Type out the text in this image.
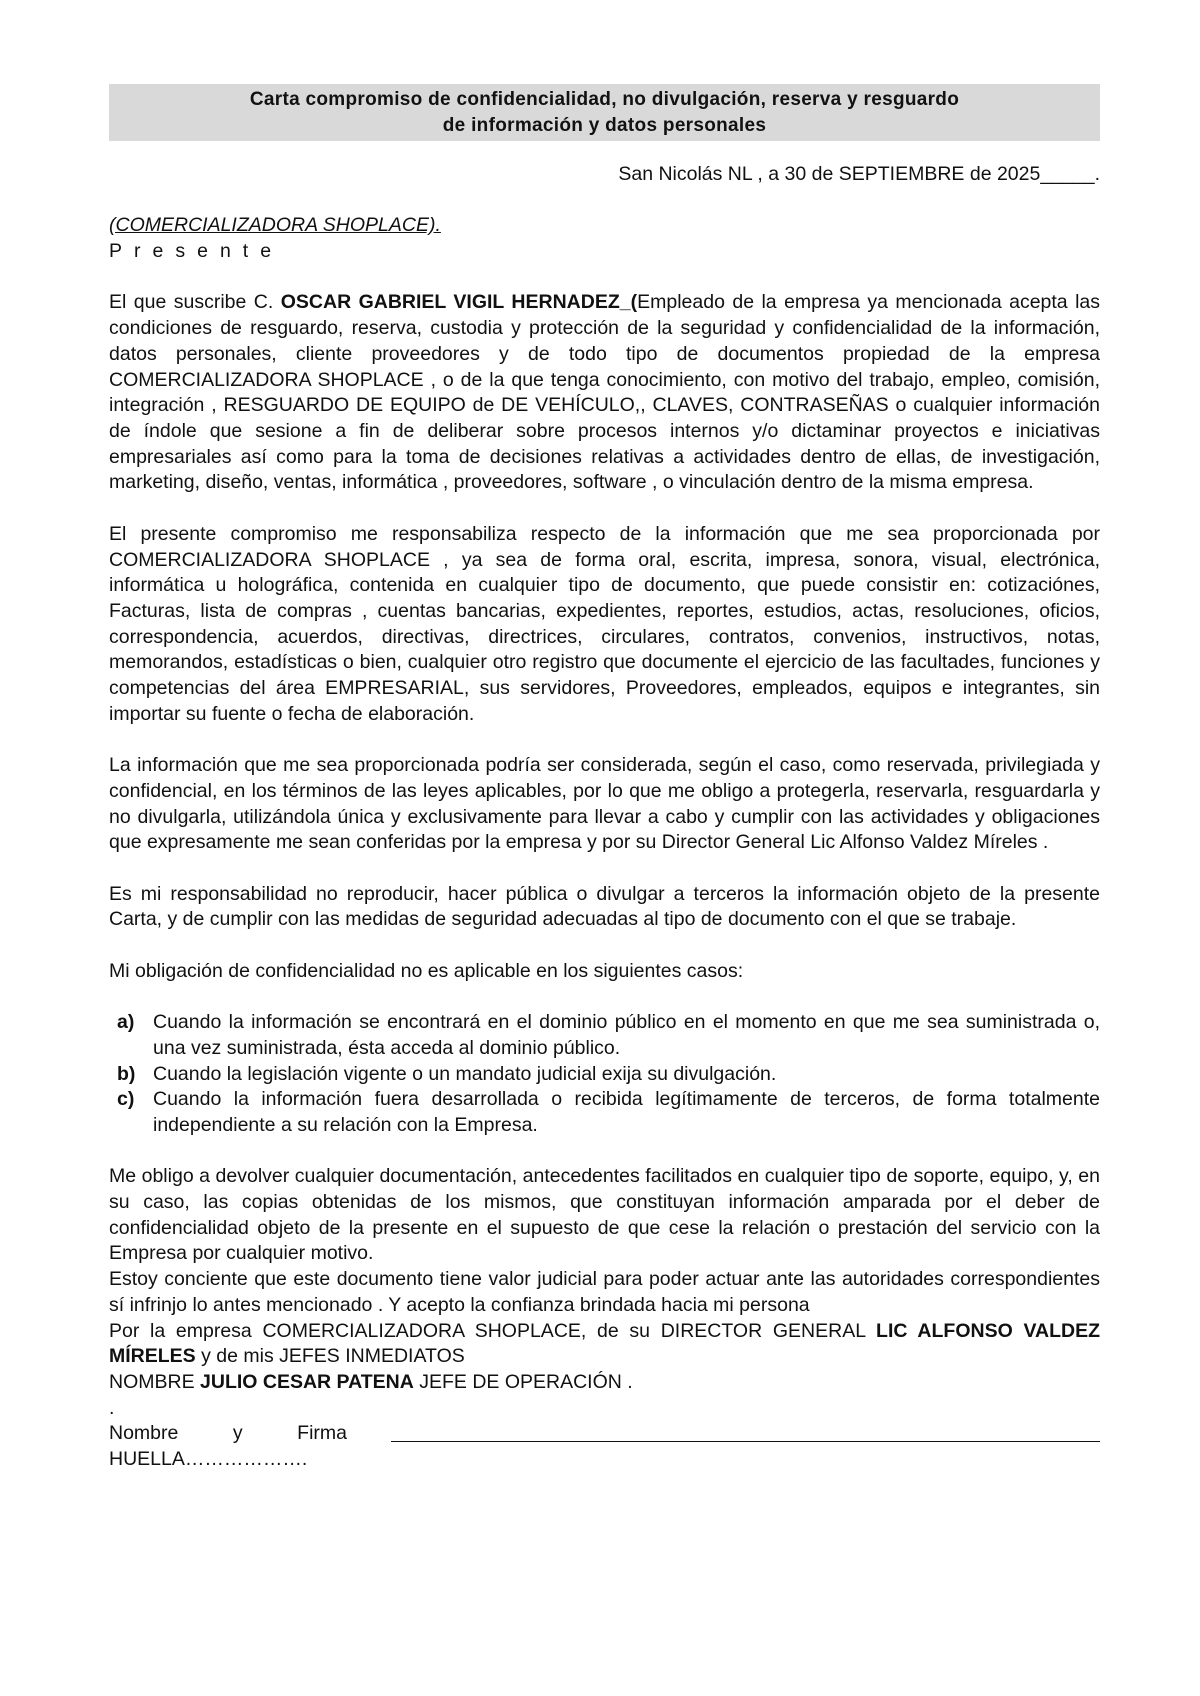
Carta compromiso de confidencialidad, no divulgación, reserva y resguardo
de información y datos personales
San Nicolás NL , a 30 de SEPTIEMBRE de 2025_____.
(COMERCIALIZADORA SHOPLACE).
Presente
El que suscribe C. OSCAR GABRIEL VIGIL HERNADEZ_(Empleado de la empresa ya mencionada acepta las condiciones de resguardo, reserva, custodia y protección de la seguridad y confidencialidad de la información, datos personales, cliente proveedores y de todo tipo de documentos propiedad de la empresa COMERCIALIZADORA SHOPLACE , o de la que tenga conocimiento, con motivo del trabajo, empleo, comisión, integración , RESGUARDO DE EQUIPO de DE VEHÍCULO,, CLAVES, CONTRASEÑAS o cualquier información de índole que sesione a fin de deliberar sobre procesos internos y/o dictaminar proyectos e iniciativas empresariales así como para la toma de decisiones relativas a actividades dentro de ellas, de investigación, marketing, diseño, ventas, informática , proveedores, software , o vinculación dentro de la misma empresa.
El presente compromiso me responsabiliza respecto de la información que me sea proporcionada por COMERCIALIZADORA SHOPLACE , ya sea de forma oral, escrita, impresa, sonora, visual, electrónica, informática u holográfica, contenida en cualquier tipo de documento, que puede consistir en: cotizaciónes, Facturas, lista de compras , cuentas bancarias, expedientes, reportes, estudios, actas, resoluciones, oficios, correspondencia, acuerdos, directivas, directrices, circulares, contratos, convenios, instructivos, notas, memorandos, estadísticas o bien, cualquier otro registro que documente el ejercicio de las facultades, funciones y competencias del área EMPRESARIAL, sus servidores, Proveedores, empleados, equipos e integrantes, sin importar su fuente o fecha de elaboración.
La información que me sea proporcionada podría ser considerada, según el caso, como reservada, privilegiada y confidencial, en los términos de las leyes aplicables, por lo que me obligo a protegerla, reservarla, resguardarla y no divulgarla, utilizándola única y exclusivamente para llevar a cabo y cumplir con las actividades y obligaciones que expresamente me sean conferidas por la empresa y por su Director General Lic Alfonso Valdez Míreles .
Es mi responsabilidad no reproducir, hacer pública o divulgar a terceros la información objeto de la presente Carta, y de cumplir con las medidas de seguridad adecuadas al tipo de documento con el que se trabaje.
Mi obligación de confidencialidad no es aplicable en los siguientes casos:
a) Cuando la información se encontrará en el dominio público en el momento en que me sea suministrada o, una vez suministrada, ésta acceda al dominio público.
b) Cuando la legislación vigente o un mandato judicial exija su divulgación.
c) Cuando la información fuera desarrollada o recibida legítimamente de terceros, de forma totalmente independiente a su relación con la Empresa.
Me obligo a devolver cualquier documentación, antecedentes facilitados en cualquier tipo de soporte, equipo, y, en su caso, las copias obtenidas de los mismos, que constituyan información amparada por el deber de confidencialidad objeto de la presente en el supuesto de que cese la relación o prestación del servicio con la Empresa por cualquier motivo.
Estoy conciente que este documento tiene valor judicial para poder actuar ante las autoridades correspondientes sí infrinjo lo antes mencionado . Y acepto la confianza brindada hacia mi persona
Por la empresa COMERCIALIZADORA SHOPLACE, de su DIRECTOR GENERAL LIC ALFONSO VALDEZ MÍRELES y de mis JEFES INMEDIATOS
NOMBRE JULIO CESAR PATENA JEFE DE OPERACIÓN .
.
Nombre	y	Firma
HUELLA……………….
